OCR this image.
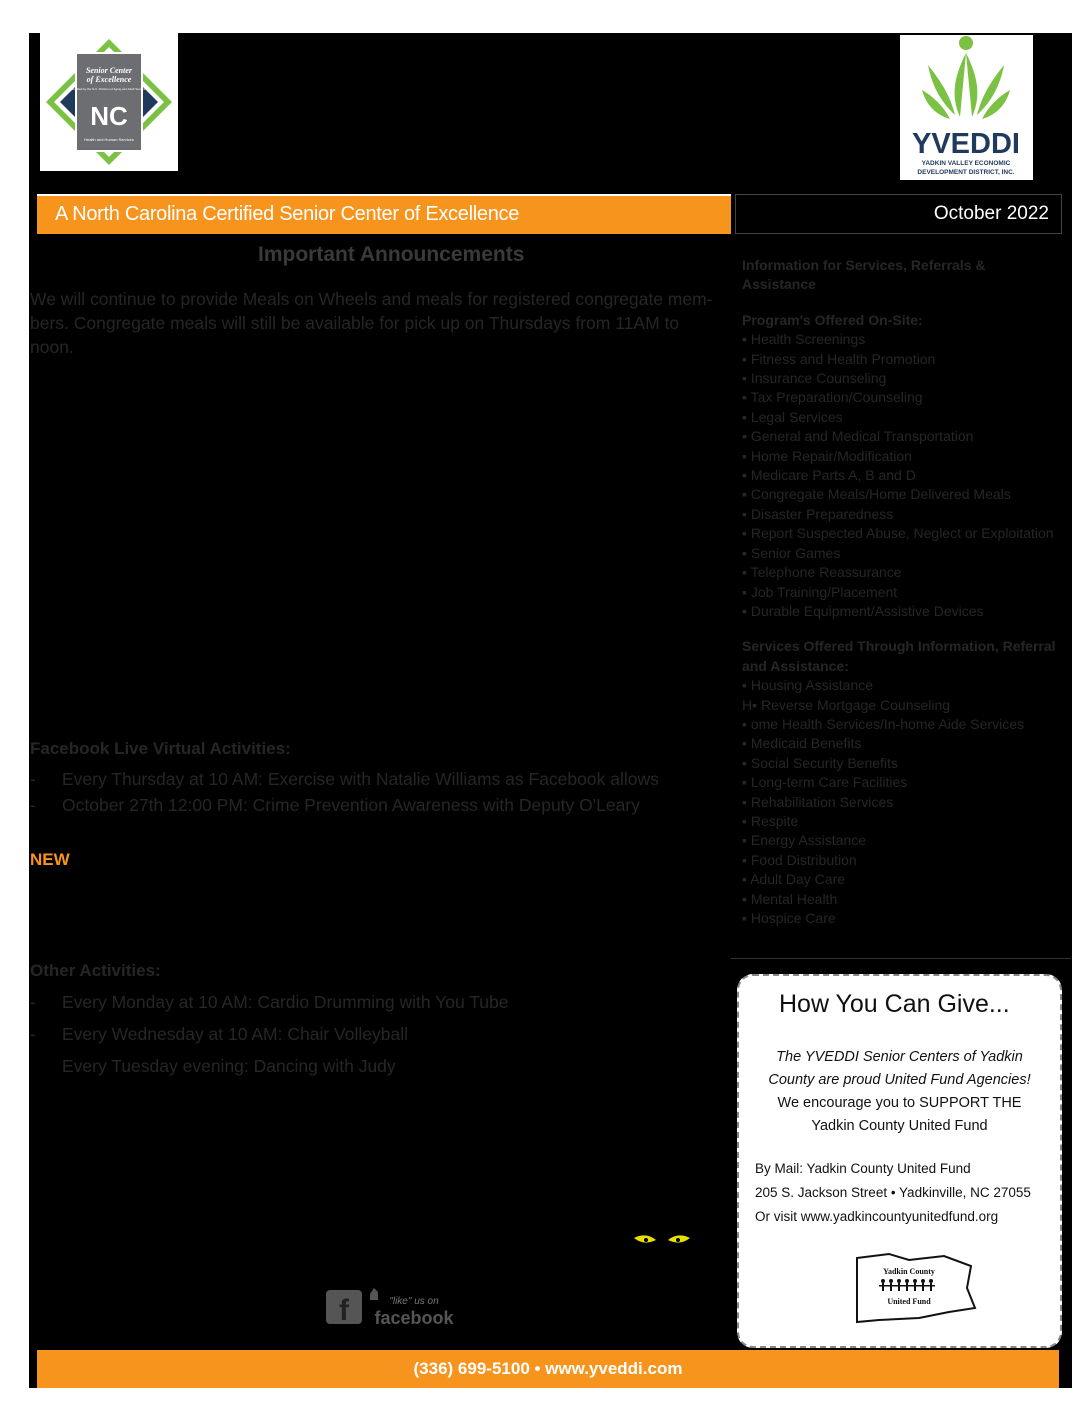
Senior Center
of Excellence
Certified by the N.C. Division of Aging and Adult Services
NC
Health and Human Services	YVEDDI
YADKIN VALLEY ECONOMIC
DEVELOPMENT DISTRICT, INC.
A North Carolina Certified Senior Center of Excellence	October 2022
Important Announcements
We will continue to provide Meals on Wheels and meals for registered congregate mem-
bers. Congregate meals will still be available for pick up on Thursdays from 11AM to
noon.
Facebook Live Virtual Activities:
- Every Thursday at 10 AM: Exercise with Natalie Williams as Facebook allows
- October 27th 12:00 PM: Crime Prevention Awareness with Deputy O'Leary
NEW
Other Activities:
- Every Monday at 10 AM: Cardio Drumming with You Tube
- Every Wednesday at 10 AM: Chair Volleyball
Every Tuesday evening: Dancing with Judy
Information for Services, Referrals &
Assistance
Program's Offered On-Site:
▪ Health Screenings
▪ Fitness and Health Promotion
▪ Insurance Counseling
▪ Tax Preparation/Counseling
▪ Legal Services
▪ General and Medical Transportation
▪ Home Repair/Modification
▪ Medicare Parts A, B and D
▪ Congregate Meals/Home Delivered Meals
▪ Disaster Preparedness
▪ Report Suspected Abuse, Neglect or Exploitation
▪ Senior Games
▪ Telephone Reassurance
▪ Job Training/Placement
▪ Durable Equipment/Assistive Devices
Services Offered Through Information, Referral
and Assistance:
▪ Housing Assistance
H▪ Reverse Mortgage Counseling
▪ ome Health Services/In-home Aide Services
▪ Medicaid Benefits
▪ Social Security Benefits
▪ Long-term Care Facilities
▪ Rehabilitation Services
▪ Respite
▪ Energy Assistance
▪ Food Distribution
▪ Adult Day Care
▪ Mental Health
▪ Hospice Care
How You Can Give...
The YVEDDI Senior Centers of Yadkin
County are proud United Fund Agencies!
We encourage you to SUPPORT THE
Yadkin County United Fund
By Mail: Yadkin County United Fund
205 S. Jackson Street • Yadkinville, NC 27055
Or visit www.yadkincountyunitedfund.org
Yadkin County
United Fund
f	"like" us on
facebook
(336) 699-5100 • www.yveddi.com
